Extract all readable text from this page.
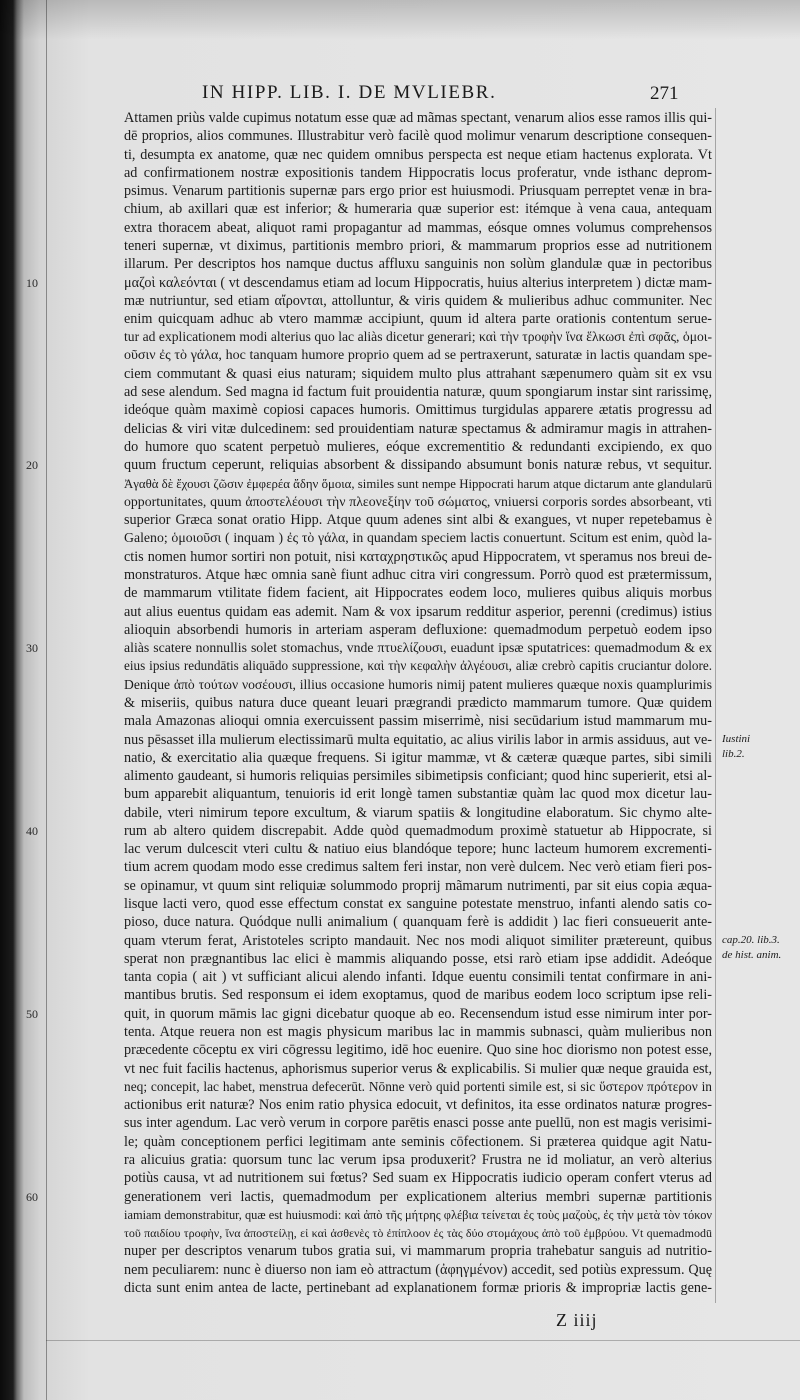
IN HIPP. LIB. I. DE MVLIEBR.	271
Attamen priùs valde cupimus notatum esse quæ ad mãmas spectant, venarum alios esse ramos illis qui-
dē proprios, alios communes. Illustrabitur verò facilè quod molimur venarum descriptione consequen-
ti, desumpta ex anatome, quæ nec quidem omnibus perspecta est neque etiam hactenus explorata. Vt
ad confirmationem nostræ expositionis tandem Hippocratis locus proferatur, vnde isthanc deprom-
psimus. Venarum partitionis supernæ pars ergo prior est huiusmodi. Priusquam perreptet venæ in bra-
chium, ab axillari quæ est inferior; & humeraria quæ superior est: itémque à vena caua, antequam
extra thoracem abeat, aliquot rami propagantur ad mammas, eósque omnes volumus comprehensos
teneri supernæ, vt diximus, partitionis membro priori, & mammarum proprios esse ad nutritionem
illarum. Per descriptos hos namque ductus affluxu sanguinis non solùm glandulæ quæ in pectoribus
10	μαζοὶ καλεόνται ( vt descendamus etiam ad locum Hippocratis, huius alterius interpretem ) dictæ mam-
mæ nutriuntur, sed etiam αἴρονται, attolluntur, & viris quidem & mulieribus adhuc communiter. Nec
enim quicquam adhuc ab vtero mammæ accipiunt, quum id altera parte orationis contentum serue-
tur ad explicationem modi alterius quo lac aliàs dicetur generari; καὶ τὴν τροφὴν ἵνα ἕλκωσι ἐπὶ σφᾶς, ὁμοι-
οῦσιν ἐς τὸ γάλα, hoc tanquam humore proprio quem ad se pertraxerunt, saturatæ in lactis quandam spe-
ciem commutant & quasi eius naturam; siquidem multo plus attrahant sæpenumero quàm sit ex vsu
ad sese alendum. Sed magna id factum fuit prouidentia naturæ, quum spongiarum instar sint rarissimę,
ideóque quàm maximè copiosi capaces humoris. Omittimus turgidulas apparere ætatis progressu ad
delicias & viri vitæ dulcedinem: sed prouidentiam naturæ spectamus & admiramur magis in attrahen-
do humore quo scatent perpetuò mulieres, eóque excrementitio & redundanti excipiendo, ex quo
20	quum fructum ceperunt, reliquias absorbent & dissipando absumunt bonis naturæ rebus, vt sequitur.
Ἀγαθὰ δὲ ἔχουσι ζῶσιν ἐμφερέα ἄδην ὅμοια, similes sunt nempe Hippocrati harum atque dictarum ante glandularū
opportunitates, quum ἀποστελέουσι τὴν πλεονεξίην τοῦ σώματος, vniuersi corporis sordes absorbeant, vti
superior Græca sonat oratio Hipp. Atque quum adenes sint albi & exangues, vt nuper repetebamus è
Galeno; ὁμοιοῦσι ( inquam ) ἐς τὸ γάλα, in quandam speciem lactis conuertunt. Scitum est enim, quòd la-
ctis nomen humor sortiri non potuit, nisi καταχρηστικῶς apud Hippocratem, vt speramus nos breui de-
monstraturos. Atque hæc omnia sanè fiunt adhuc citra viri congressum. Porrò quod est prætermissum,
de mammarum vtilitate fidem facient, ait Hippocrates eodem loco, mulieres quibus aliquis morbus
aut alius euentus quidam eas ademit. Nam & vox ipsarum redditur asperior, perenni (credimus) istius
alioquin absorbendi humoris in arteriam asperam defluxione: quemadmodum perpetuò eodem ipso
30	aliàs scatere nonnullis solet stomachus, vnde πτυελίζουσι, euadunt ipsæ sputatrices: quemadmodum & ex
eius ipsius redundātis aliquādo suppressione, καὶ τὴν κεφαλὴν ἀλγέουσι, aliæ crebrò capitis cruciantur dolore.
Denique ἀπὸ τούτων νοσέουσι, illius occasione humoris nimij patent mulieres quæque noxis quamplurimis
& miseriis, quibus natura duce queant leuari prægrandi prædicto mammarum tumore. Quæ quidem
mala Amazonas alioqui omnia exercuissent passim miserrimè, nisi secūdarium istud mammarum mu-
nus pēsasset illa mulierum electissimarū multa equitatio, ac alius virilis labor in armis assiduus, aut ve- Iustini
lib.2.
natio, & exercitatio alia quæque frequens. Si igitur mammæ, vt & cæteræ quæque partes, sibi simili
alimento gaudeant, si humoris reliquias persimiles sibimetipsis conficiant; quod hinc superierit, etsi al-
bum apparebit aliquantum, tenuioris id erit longè tamen substantiæ quàm lac quod mox dicetur lau-
dabile, vteri nimirum tepore excultum, & viarum spatiis & longitudine elaboratum. Sic chymo alte-
40	rum ab altero quidem discrepabit. Adde quòd quemadmodum proximè statuetur ab Hippocrate, si
lac verum dulcescit vteri cultu & natiuo eius blandóque tepore; hunc lacteum humorem excrementi-
tium acrem quodam modo esse credimus saltem feri instar, non verè dulcem. Nec verò etiam fieri pos-
se opinamur, vt quum sint reliquiæ solummodo proprij mãmarum nutrimenti, par sit eius copia æqua-
lisque lacti vero, quod esse effectum constat ex sanguine potestate menstruo, infanti alendo satis co-
pioso, duce natura. Quódque nulli animalium ( quanquam ferè is addidit ) lac fieri consueuerit ante-
quam vterum ferat, Aristoteles scripto mandauit. Nec nos modi aliquot similiter prætereunt, quibus cap.20. lib.3.
de hist. anim.
sperat non prægnantibus lac elici è mammis aliquando posse, etsi rarò etiam ipse addidit. Adeóque
tanta copia ( ait ) vt sufficiant alicui alendo infanti. Idque euentu consimili tentat confirmare in ani-
mantibus brutis. Sed responsum ei idem exoptamus, quod de maribus eodem loco scriptum ipse reli-
50	quit, in quorum māmis lac gigni dicebatur quoque ab eo. Recensendum istud esse nimirum inter por-
tenta. Atque reuera non est magis physicum maribus lac in mammis subnasci, quàm mulieribus non
præcedente cōceptu ex viri cōgressu legitimo, idē hoc euenire. Quo sine hoc diorismo non potest esse,
vt nec fuit facilis hactenus, aphorismus superior verus & explicabilis. Si mulier quæ neque grauida est,
neq; concepit, lac habet, menstrua defecerūt. Nōnne verò quid portenti simile est, si sic ὕστερον πρότερον in
actionibus erit naturæ? Nos enim ratio physica edocuit, vt definitos, ita esse ordinatos naturæ progres-
sus inter agendum. Lac verò verum in corpore parētis enasci posse ante puellū, non est magis verisimi-
le; quàm conceptionem perfici legitimam ante seminis cōfectionem. Si præterea quidque agit Natu-
ra alicuius gratia: quorsum tunc lac verum ipsa produxerit? Frustra ne id moliatur, an verò alterius
potiùs causa, vt ad nutritionem sui fœtus? Sed suam ex Hippocratis iudicio operam confert vterus ad
60	generationem veri lactis, quemadmodum per explicationem alterius membri supernæ partitionis
iamiam demonstrabitur, quæ est huiusmodi: καὶ ἀπὸ τῆς μήτρης φλέβια τείνεται ἐς τοὺς μαζοὺς, ἐς τὴν μετὰ τὸν τόκον
τοῦ παιδίου τροφὴν, ἵνα ἀποστείλῃ, εἰ καὶ ἀσθενὲς τὸ ἐπίπλοον ἐς τὰς δύο στομάχους ἀπὸ τοῦ ἐμβρύου. Vt quemadmodū
nuper per descriptos venarum tubos gratia sui, vi mammarum propria trahebatur sanguis ad nutritio-
nem peculiarem: nunc è diuerso non iam eò attractum (ἀφηγμένον) accedit, sed potiùs expressum. Quę
dicta sunt enim antea de lacte, pertinebant ad explanationem formæ prioris & impropriæ lactis gene-
Z iiij
